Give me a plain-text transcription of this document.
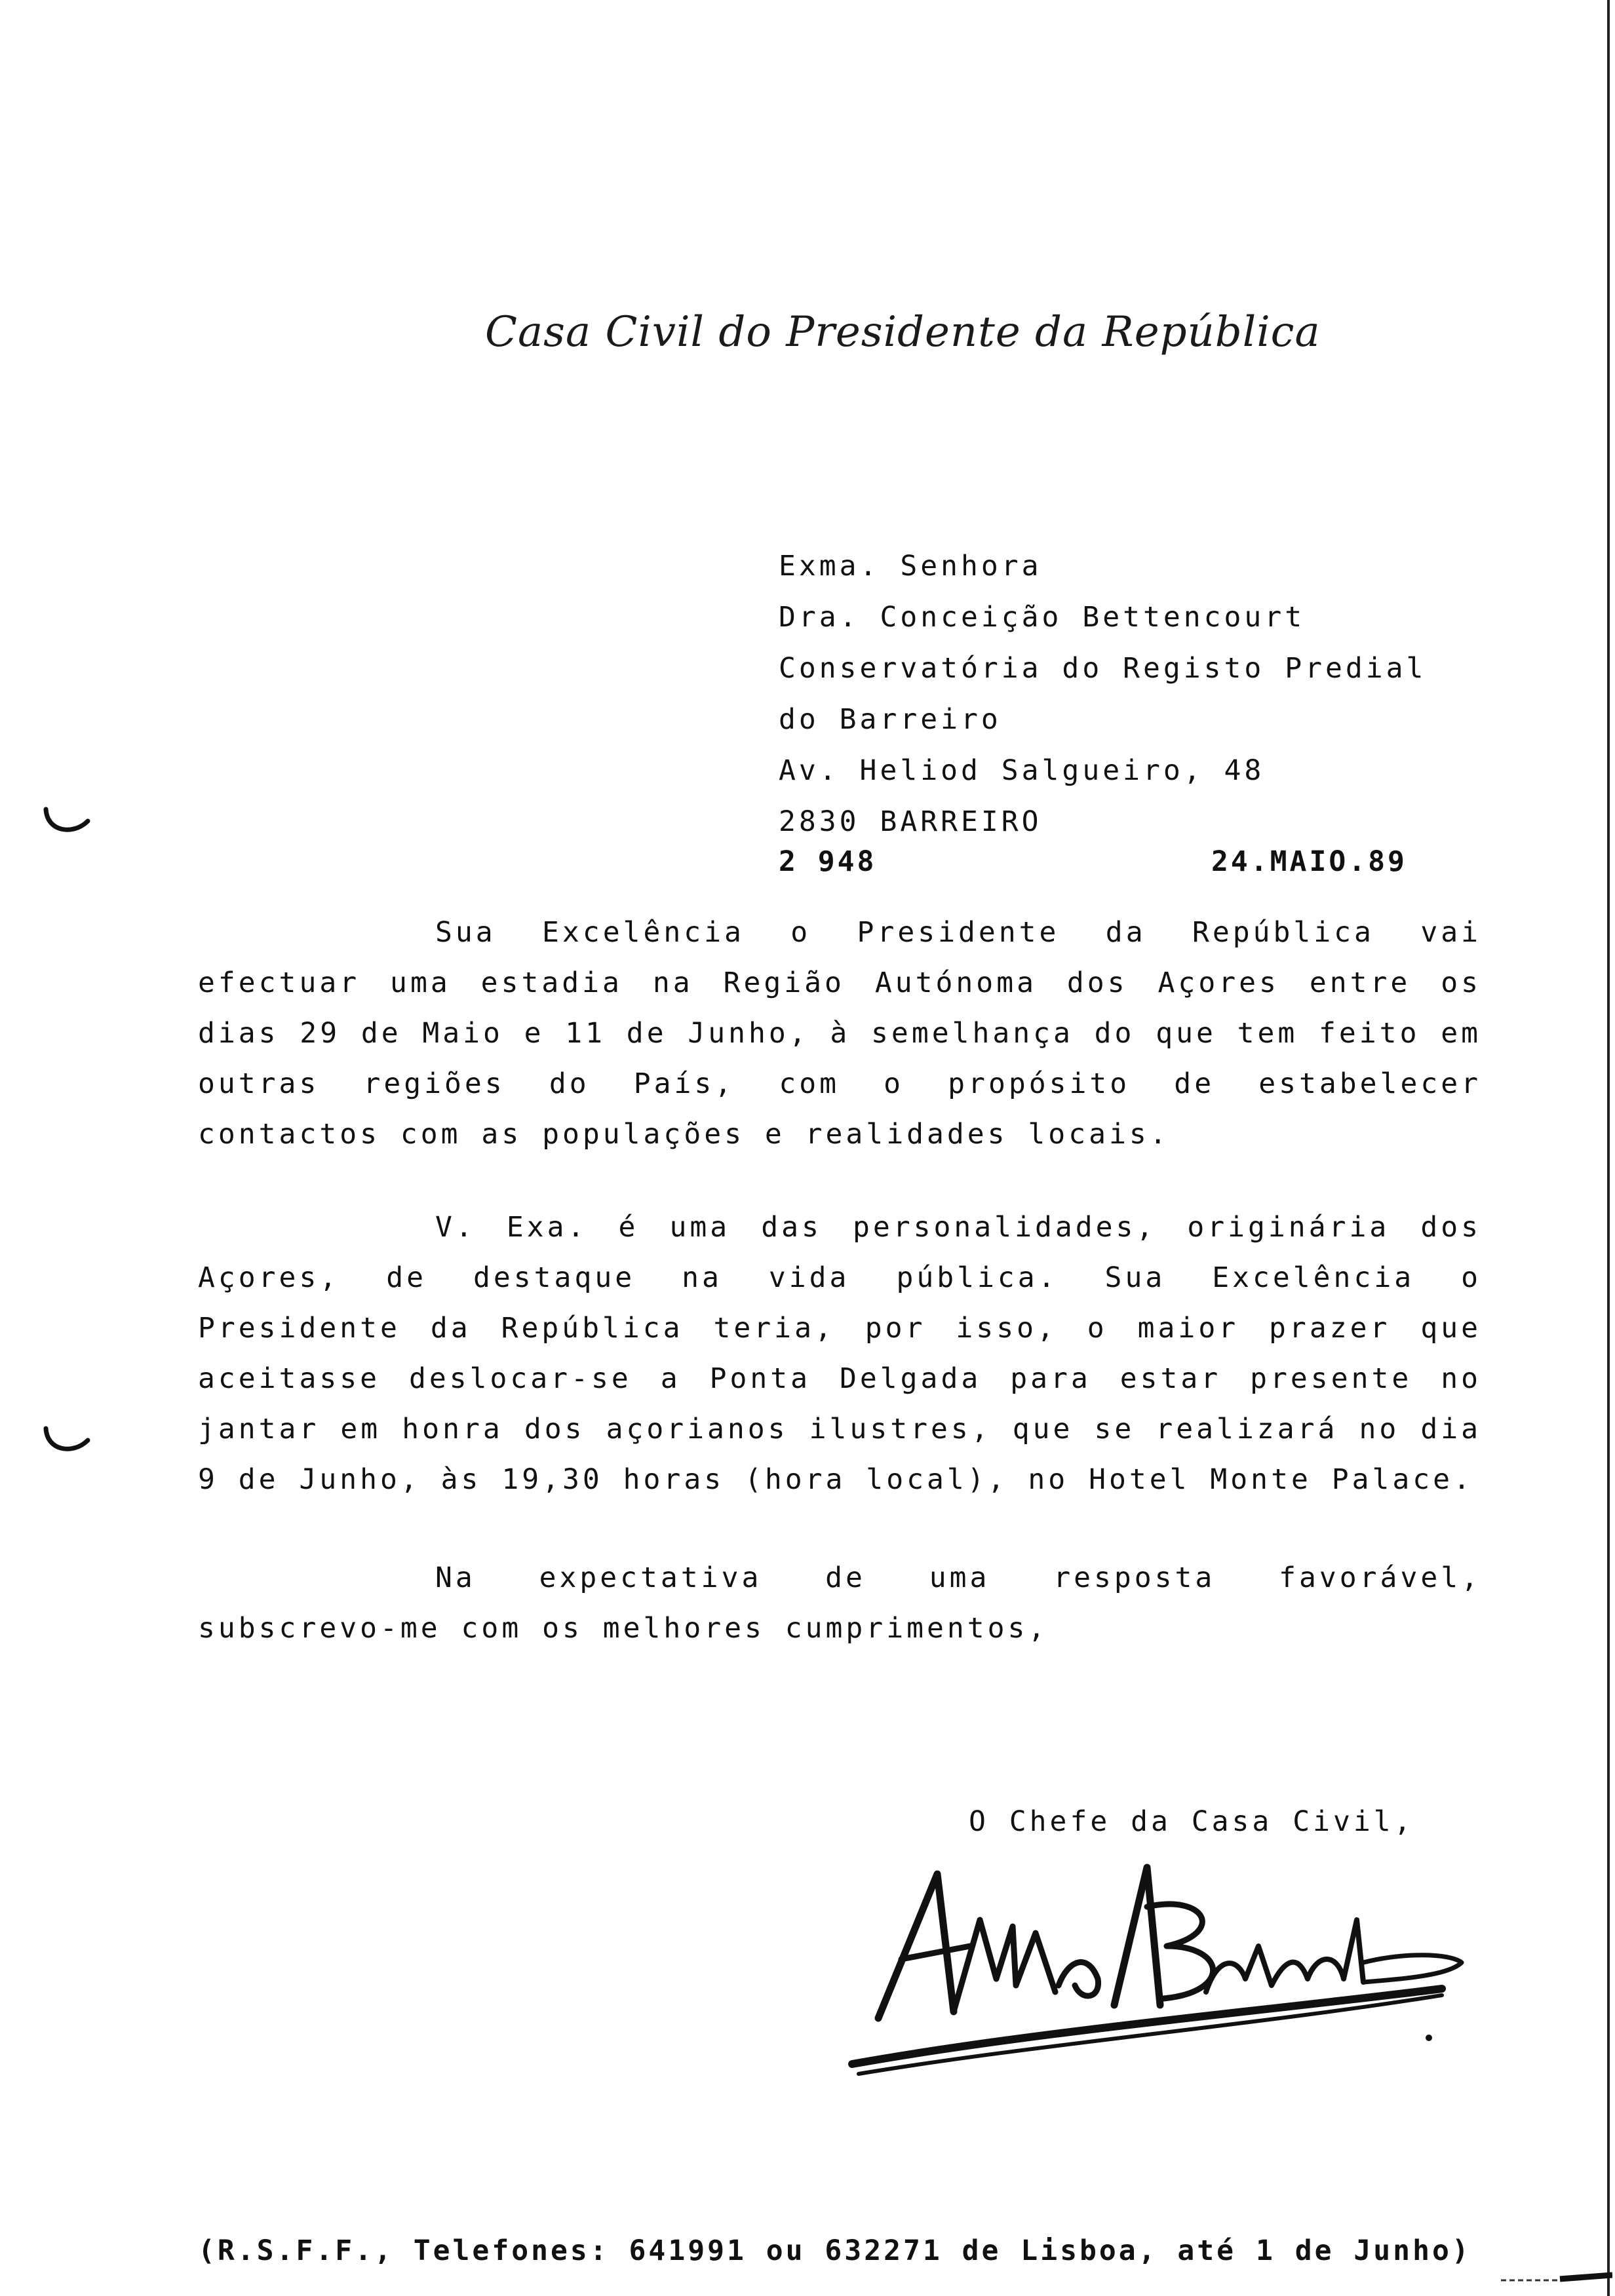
Casa Civil do Presidente da República
Exma. Senhora
Dra. Conceição Bettencourt
Conservatória do Registo Predial
do Barreiro
Av. Heliod Salgueiro, 48
2830 BARREIRO
2 948	24.MAIO.89

Sua Excelência o Presidente da República vai efectuar uma estadia na Região Autónoma dos Açores entre os dias 29 de Maio e 11 de Junho, à semelhança do que tem feito em outras regiões do País, com o propósito de estabelecer contactos com as populações e realidades locais.

V. Exa. é uma das personalidades, originária dos Açores, de destaque na vida pública. Sua Excelência o Presidente da República teria, por isso, o maior prazer que aceitasse deslocar-se a Ponta Delgada para estar presente no jantar em honra dos açorianos ilustres, que se realizará no dia 9 de Junho, às 19,30 horas (hora local), no Hotel Monte Palace.

Na expectativa de uma resposta favorável, subscrevo-me com os melhores cumprimentos,

O Chefe da Casa Civil,
(R.S.F.F., Telefones: 641991 ou 632271 de Lisboa, até 1 de Junho)
